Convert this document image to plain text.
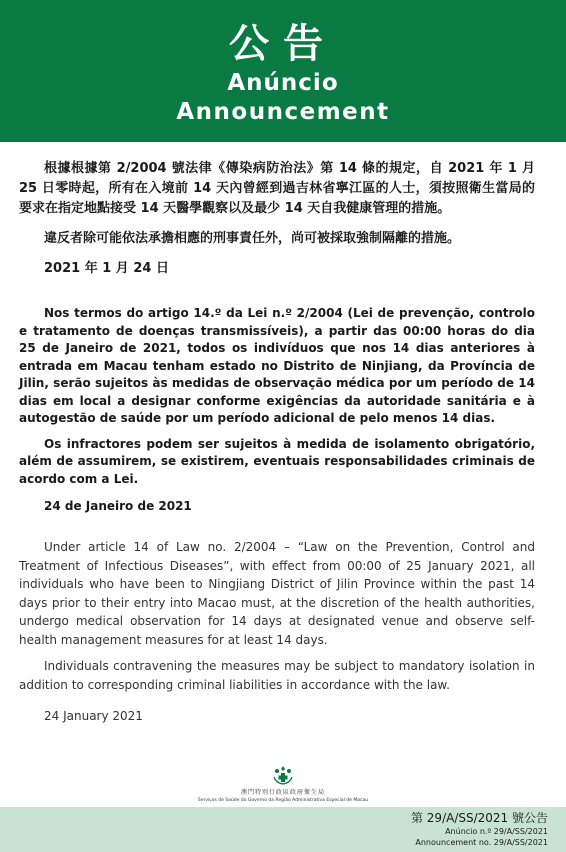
公告
Anúncio
Announcement

根據根據第 2/2004 號法律《傳染病防治法》第 14 條的規定，自 2021 年 1 月 25 日零時起，所有在入境前 14 天內曾經到過吉林省寧江區的人士，須按照衛生當局的要求在指定地點接受 14 天醫學觀察以及最少 14 天自我健康管理的措施。

違反者除可能依法承擔相應的刑事責任外，尚可被採取強制隔離的措施。

2021 年 1 月 24 日

Nos termos do artigo 14.º da Lei n.º 2/2004 (Lei de prevenção, controlo e tratamento de doenças transmissíveis), a partir das 00:00 horas do dia 25 de Janeiro de 2021, todos os indivíduos que nos 14 dias anteriores à entrada em Macau tenham estado no Distrito de Ninjiang, da Província de Jilin, serão sujeitos às medidas de observação médica por um período de 14 dias em local a designar conforme exigências da autoridade sanitária e à autogestão de saúde por um período adicional de pelo menos 14 dias.

Os infractores podem ser sujeitos à medida de isolamento obrigatório, além de assumirem, se existirem, eventuais responsabilidades criminais de acordo com a Lei.

24 de Janeiro de 2021

Under article 14 of Law no. 2/2004 – “Law on the Prevention, Control and Treatment of Infectious Diseases”, with effect from 00:00 of 25 January 2021, all individuals who have been to Ningjiang District of Jilin Province within the past 14 days prior to their entry into Macao must, at the discretion of the health authorities, undergo medical observation for 14 days at designated venue and observe self-health management measures for at least 14 days.

Individuals contravening the measures may be subject to mandatory isolation in addition to corresponding criminal liabilities in accordance with the law.

24 January 2021

澳門特別行政區政府衛生局
Serviços de Saúde do Governo da Região Administrativa Especial de Macau
第 29/A/SS/2021 號公告
Anúncio n.º 29/A/SS/2021
Announcement no. 29/A/SS/2021
